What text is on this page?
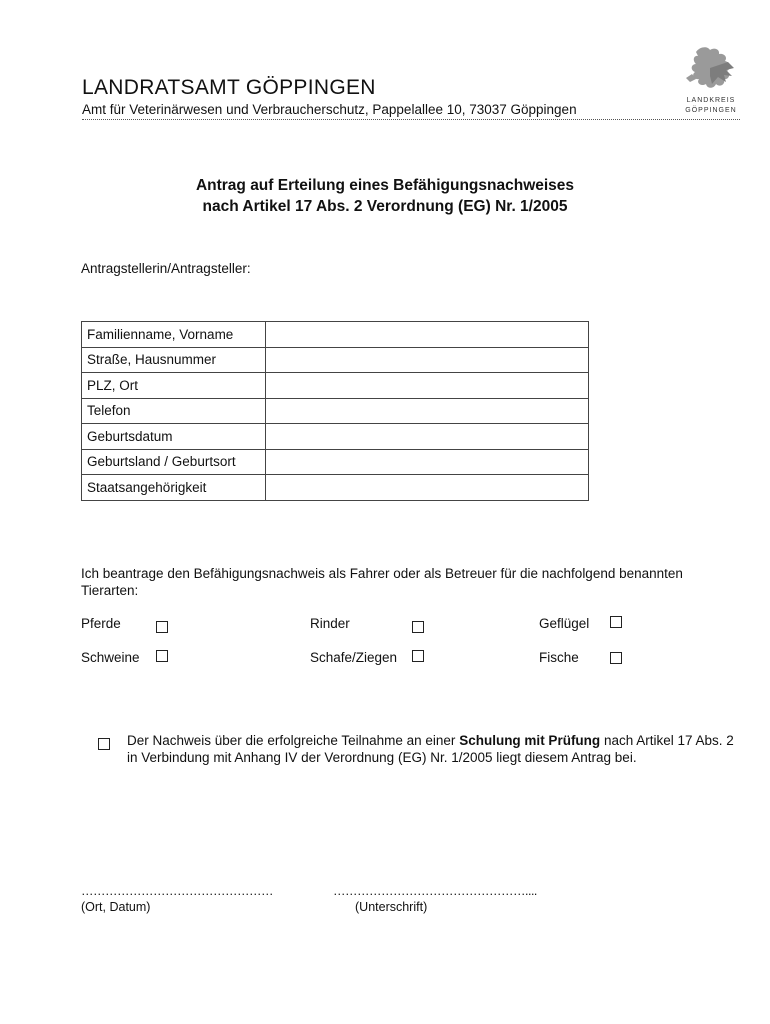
LANDRATSAMT GÖPPINGEN
Amt für Veterinärwesen und Verbraucherschutz, Pappelallee 10, 73037 Göppingen
LANDKREIS
GÖPPINGEN
Antrag auf Erteilung eines Befähigungsnachweises
nach Artikel 17 Abs. 2 Verordnung (EG) Nr. 1/2005
Antragstellerin/Antragsteller:
Familienname, Vorname	
Straße, Hausnummer	
PLZ, Ort	
Telefon	
Geburtsdatum	
Geburtsland / Geburtsort	
Staatsangehörigkeit	
Ich beantrage den Befähigungsnachweis als Fahrer oder als Betreuer für die nachfolgend benannten Tierarten:
Pferde	Rinder	Geflügel
Schweine	Schafe/Ziegen	Fische
Der Nachweis über die erfolgreiche Teilnahme an einer Schulung mit Prüfung nach Artikel 17 Abs. 2 in Verbindung mit Anhang IV der Verordnung (EG) Nr. 1/2005 liegt diesem Antrag bei.
…………………………………………	…………………………………………....
(Ort, Datum)	(Unterschrift)
